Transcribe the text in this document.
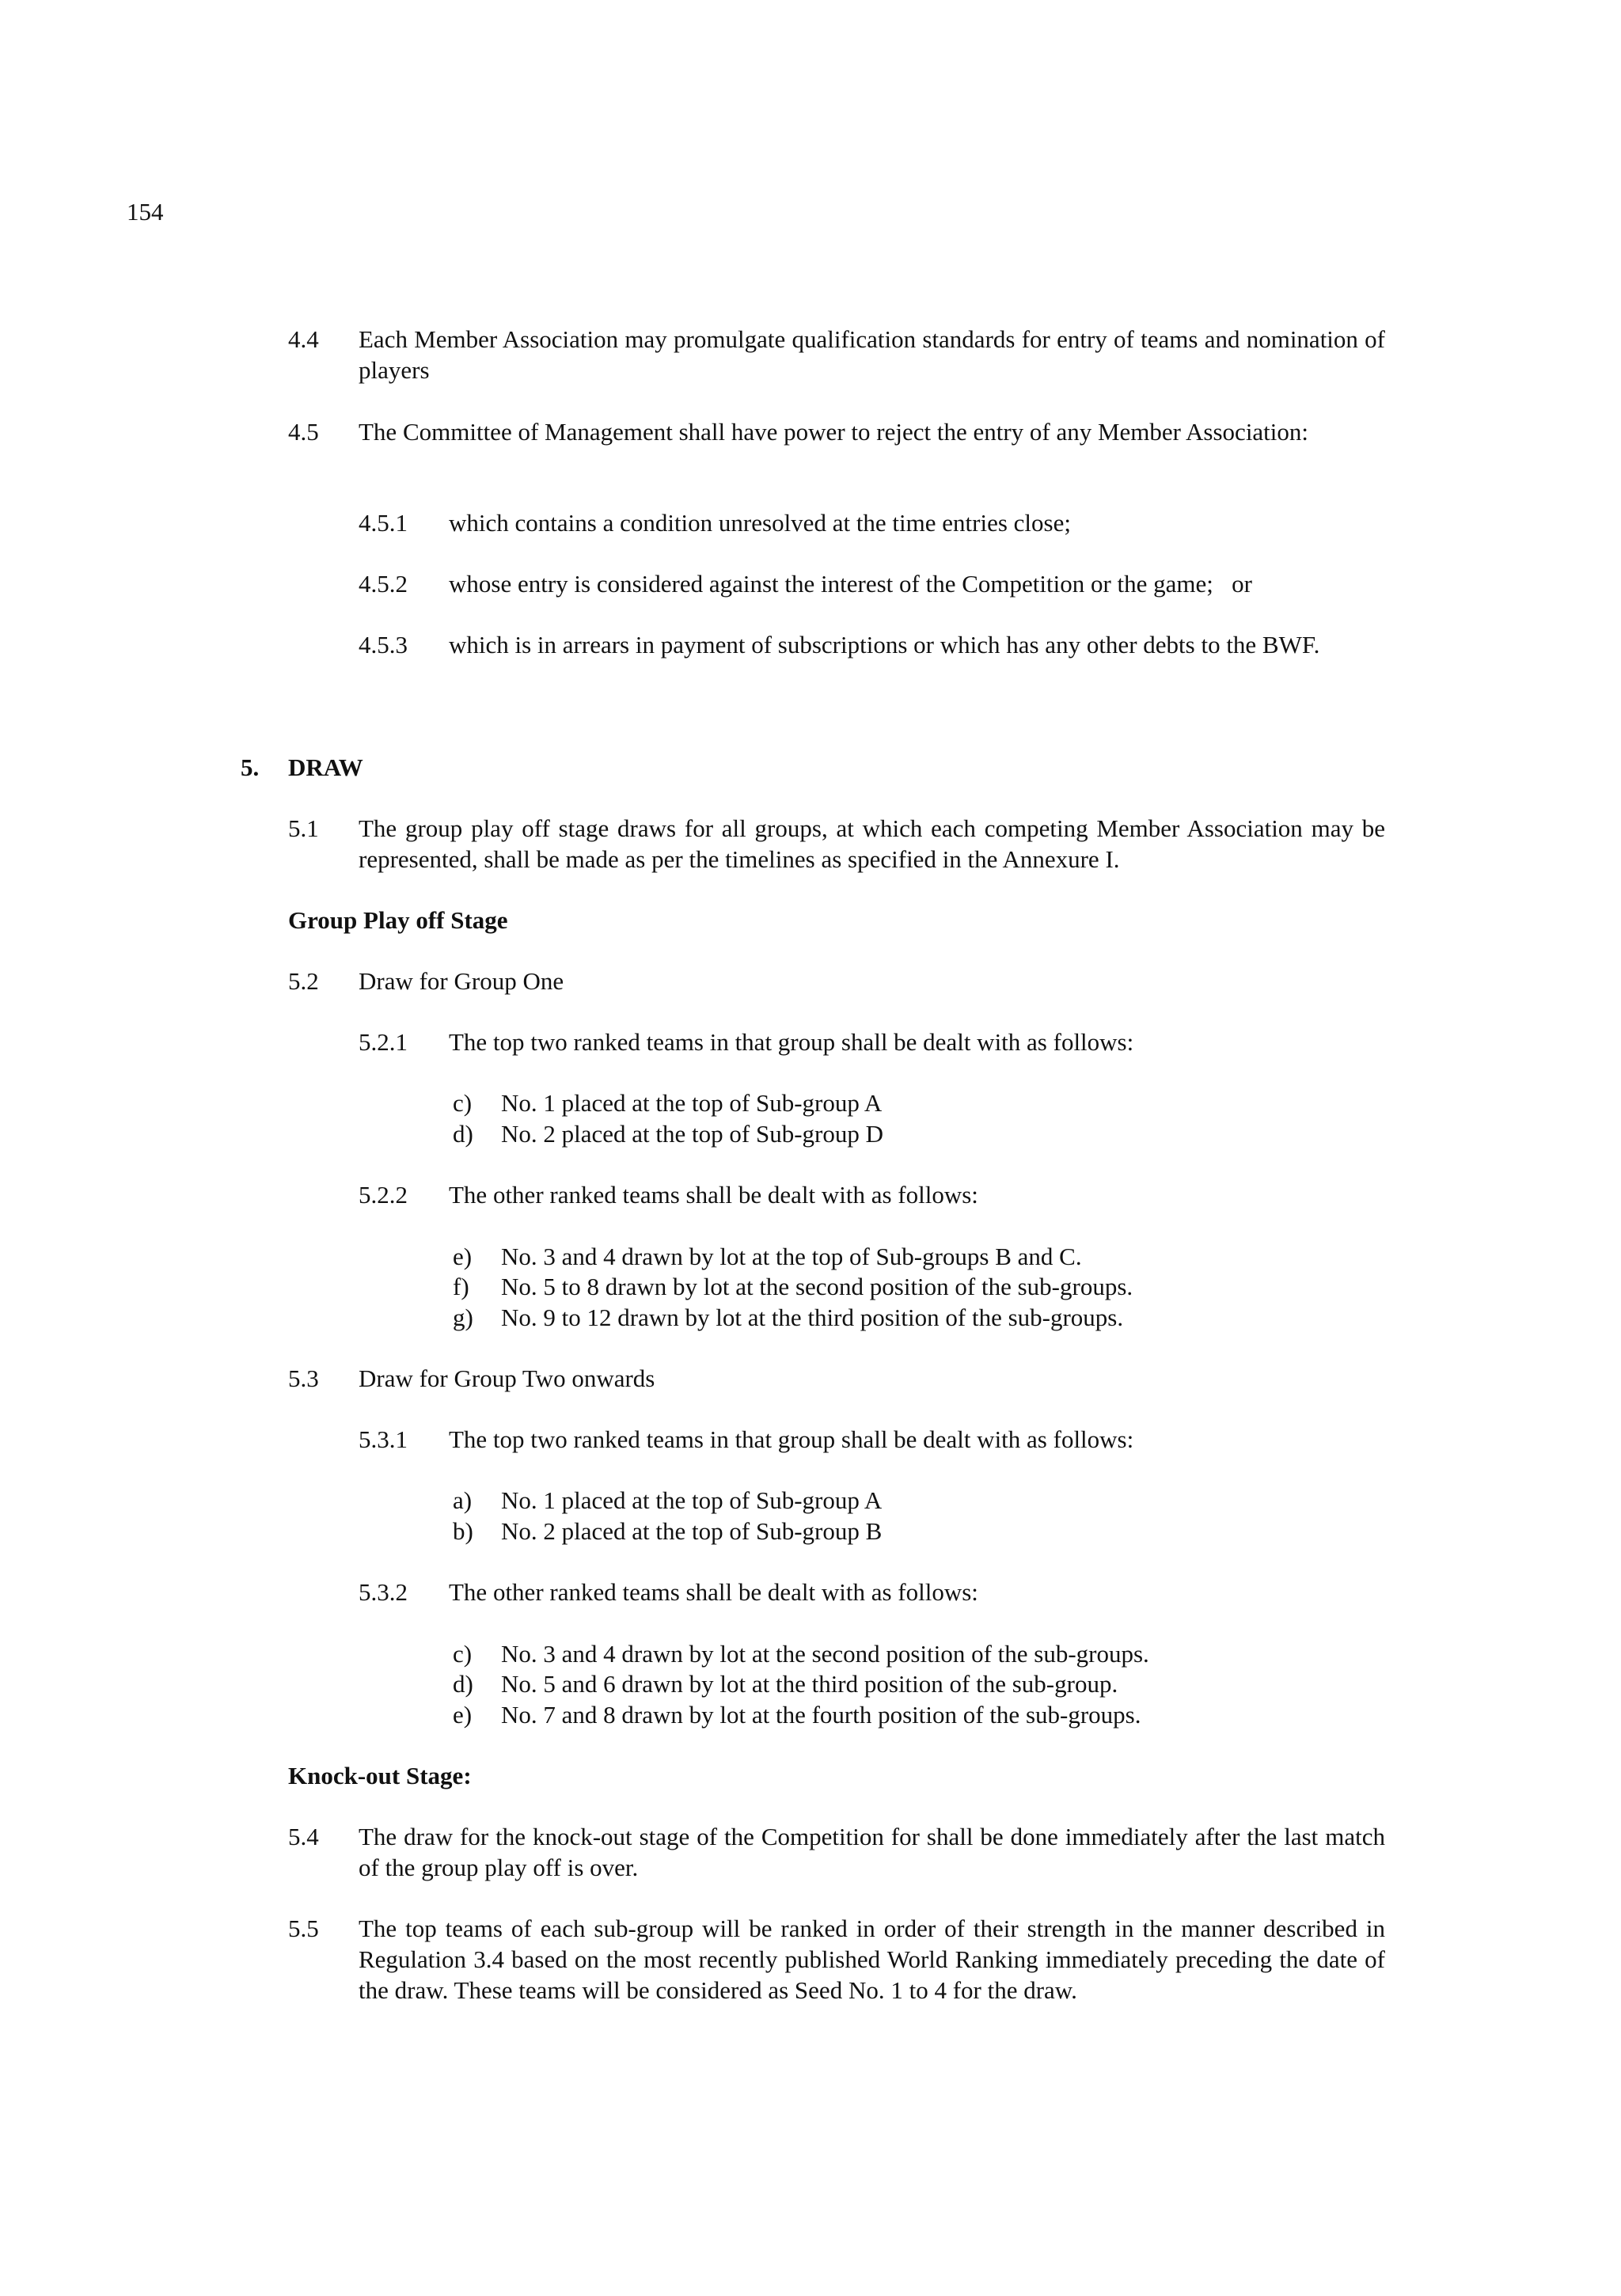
154
4.4 Each Member Association may promulgate qualification standards for entry of teams and nomination of players
4.5 The Committee of Management shall have power to reject the entry of any Member Association:
4.5.1 which contains a condition unresolved at the time entries close;
4.5.2 whose entry is considered against the interest of the Competition or the game;   or
4.5.3 which is in arrears in payment of subscriptions or which has any other debts to the BWF.
5. DRAW
5.1 The group play off stage draws for all groups, at which each competing Member Association may be represented, shall be made as per the timelines as specified in the Annexure I.
Group Play off Stage
5.2 Draw for Group One
5.2.1 The top two ranked teams in that group shall be dealt with as follows:
c) No. 1 placed at the top of Sub-group A
d) No. 2 placed at the top of Sub-group D
5.2.2 The other ranked teams shall be dealt with as follows:
e) No. 3 and 4 drawn by lot at the top of Sub-groups B and C.
f) No. 5 to 8 drawn by lot at the second position of the sub-groups.
g) No. 9 to 12 drawn by lot at the third position of the sub-groups.
5.3 Draw for Group Two onwards
5.3.1 The top two ranked teams in that group shall be dealt with as follows:
a) No. 1 placed at the top of Sub-group A
b) No. 2 placed at the top of Sub-group B
5.3.2 The other ranked teams shall be dealt with as follows:
c) No. 3 and 4 drawn by lot at the second position of the sub-groups.
d) No. 5 and 6 drawn by lot at the third position of the sub-group.
e) No. 7 and 8 drawn by lot at the fourth position of the sub-groups.
Knock-out Stage:
5.4 The draw for the knock-out stage of the Competition for shall be done immediately after the last match of the group play off is over.
5.5 The top teams of each sub-group will be ranked in order of their strength in the manner described in Regulation 3.4 based on the most recently published World Ranking immediately preceding the date of the draw. These teams will be considered as Seed No. 1 to 4 for the draw.
